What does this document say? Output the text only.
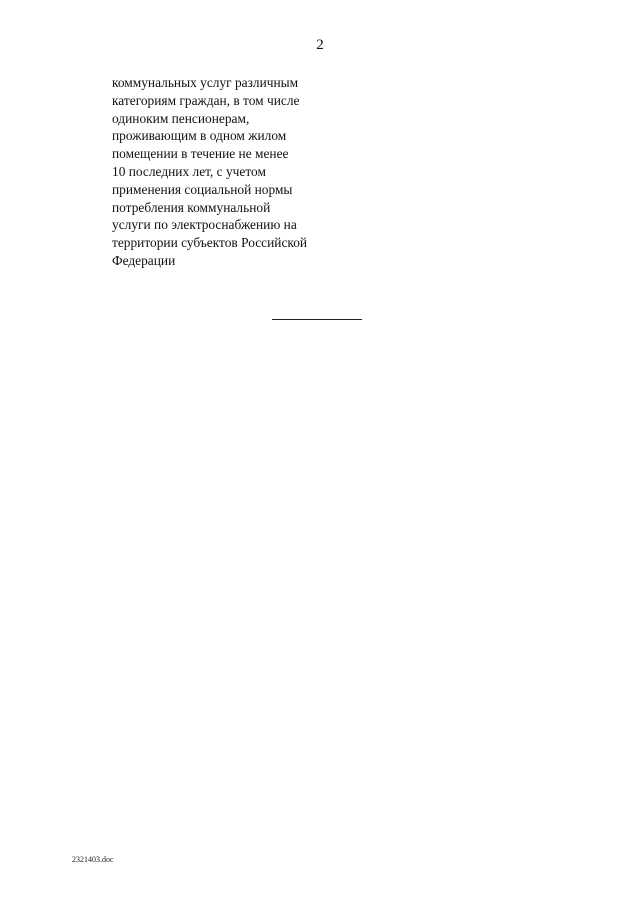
2
коммунальных услуг различным
категориям граждан, в том числе
одиноким пенсионерам,
проживающим в одном жилом
помещении в течение не менее
10 последних лет, с учетом
применения социальной нормы
потребления коммунальной
услуги по электроснабжению на
территории субъектов Российской
Федерации
2321403.doc
